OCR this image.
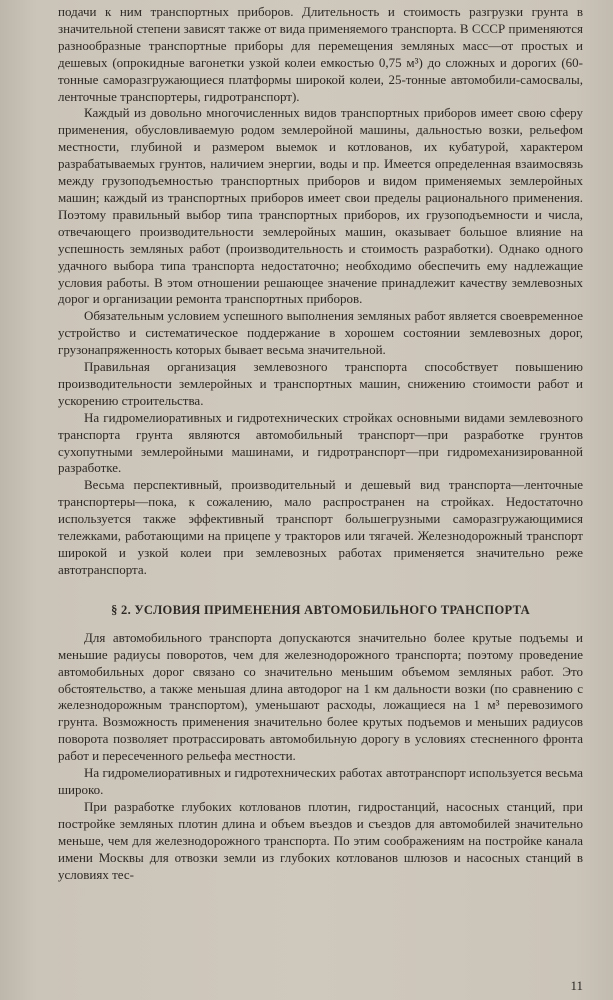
подачи к ним транспортных приборов. Длительность и стоимость разгрузки грунта в значительной степени зависят также от вида применяемого транспорта. В СССР применяются разнообразные транспортные приборы для перемещения земляных масс—от простых и дешевых (опрокидные вагонетки узкой колеи емкостью 0,75 м³) до сложных и дорогих (60-тонные саморазгружающиеся платформы широкой колеи, 25-тонные автомобили-самосвалы, ленточные транспортеры, гидротранспорт).

Каждый из довольно многочисленных видов транспортных приборов имеет свою сферу применения, обусловливаемую родом землеройной машины, дальностью возки, рельефом местности, глубиной и размером выемок и котлованов, их кубатурой, характером разрабатываемых грунтов, наличием энергии, воды и пр. Имеется определенная взаимосвязь между грузоподъемностью транспортных приборов и видом применяемых землеройных машин; каждый из транспортных приборов имеет свои пределы рационального применения. Поэтому правильный выбор типа транспортных приборов, их грузоподъемности и числа, отвечающего производительности землеройных машин, оказывает большое влияние на успешность земляных работ (производительность и стоимость разработки). Однако одного удачного выбора типа транспорта недостаточно; необходимо обеспечить ему надлежащие условия работы. В этом отношении решающее значение принадлежит качеству землевозных дорог и организации ремонта транспортных приборов.

Обязательным условием успешного выполнения земляных работ является своевременное устройство и систематическое поддержание в хорошем состоянии землевозных дорог, грузонапряженность которых бывает весьма значительной.

Правильная организация землевозного транспорта способствует повышению производительности землеройных и транспортных машин, снижению стоимости работ и ускорению строительства.

На гидромелиоративных и гидротехнических стройках основными видами землевозного транспорта грунта являются автомобильный транспорт—при разработке грунтов сухопутными землеройными машинами, и гидротранспорт—при гидромеханизированной разработке.

Весьма перспективный, производительный и дешевый вид транспорта—ленточные транспортеры—пока, к сожалению, мало распространен на стройках. Недостаточно используется также эффективный транспорт большегрузными саморазгружающимися тележками, работающими на прицепе у тракторов или тягачей. Железнодорожный транспорт широкой и узкой колеи при землевозных работах применяется значительно реже автотранспорта.

§ 2. УСЛОВИЯ ПРИМЕНЕНИЯ АВТОМОБИЛЬНОГО ТРАНСПОРТА

Для автомобильного транспорта допускаются значительно более крутые подъемы и меньшие радиусы поворотов, чем для железнодорожного транспорта; поэтому проведение автомобильных дорог связано со значительно меньшим объемом земляных работ. Это обстоятельство, а также меньшая длина автодорог на 1 км дальности возки (по сравнению с железнодорожным транспортом), уменьшают расходы, ложащиеся на 1 м³ перевозимого грунта. Возможность применения значительно более крутых подъемов и меньших радиусов поворота позволяет протрассировать автомобильную дорогу в условиях стесненного фронта работ и пересеченного рельефа местности.

На гидромелиоративных и гидротехнических работах автотранспорт используется весьма широко.

При разработке глубоких котлованов плотин, гидростанций, насосных станций, при постройке земляных плотин длина и объем въездов и съездов для автомобилей значительно меньше, чем для железнодорожного транспорта. По этим соображениям на постройке канала имени Москвы для отвозки земли из глубоких котлованов шлюзов и насосных станций в условиях тес-

11
